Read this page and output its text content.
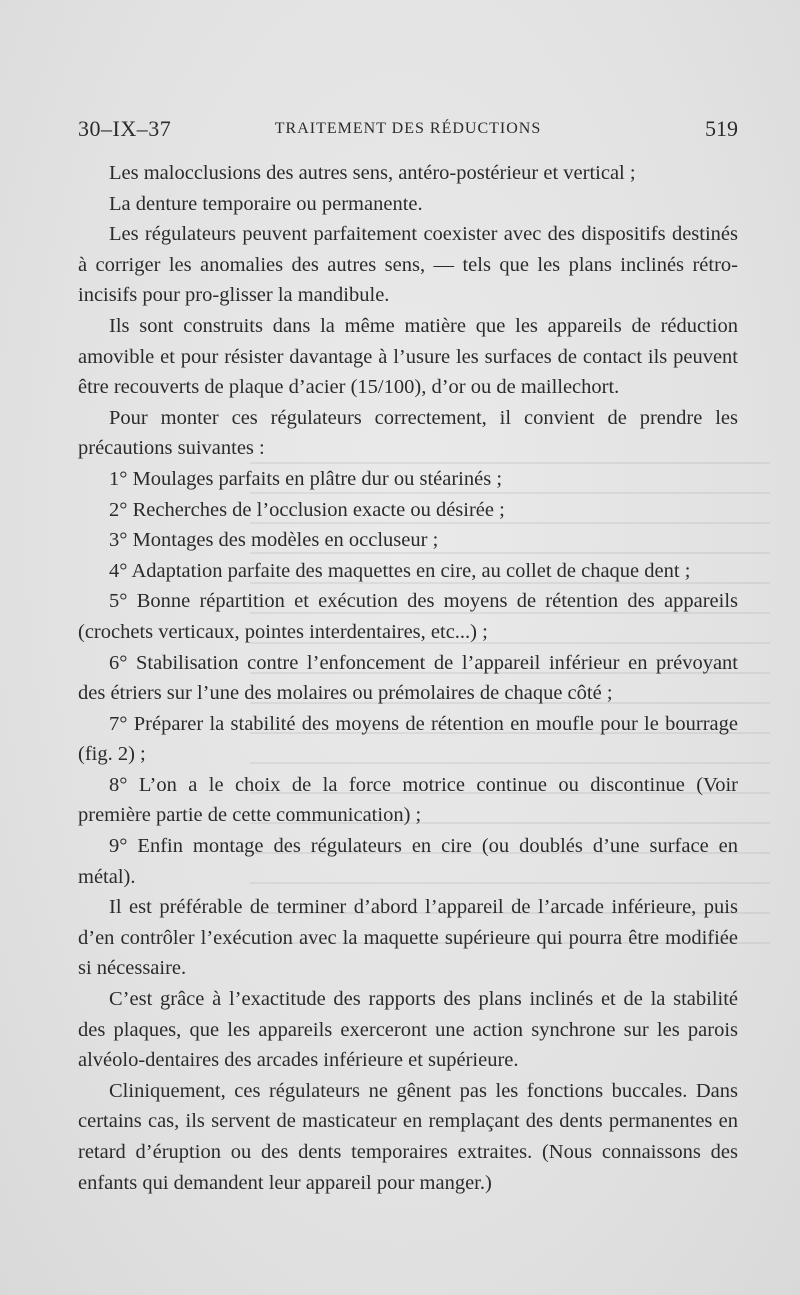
30–IX–37	TRAITEMENT DES RÉDUCTIONS	519

Les malocclusions des autres sens, antéro-postérieur et vertical ;

La denture temporaire ou permanente.

Les régulateurs peuvent parfaitement coexister avec des dispositifs destinés à corriger les anomalies des autres sens, — tels que les plans inclinés rétro-incisifs pour pro-glisser la mandibule.

Ils sont construits dans la même matière que les appareils de réduction amovible et pour résister davantage à l’usure les surfaces de contact ils peuvent être recouverts de plaque d’acier (15/100), d’or ou de maillechort.

Pour monter ces régulateurs correctement, il convient de prendre les précautions suivantes :

1° Moulages parfaits en plâtre dur ou stéarinés ;

2° Recherches de l’occlusion exacte ou désirée ;

3° Montages des modèles en occluseur ;

4° Adaptation parfaite des maquettes en cire, au collet de chaque dent ;

5° Bonne répartition et exécution des moyens de rétention des appareils (crochets verticaux, pointes interdentaires, etc...) ;

6° Stabilisation contre l’enfoncement de l’appareil inférieur en prévoyant des étriers sur l’une des molaires ou prémolaires de chaque côté ;

7° Préparer la stabilité des moyens de rétention en moufle pour le bourrage (fig. 2) ;

8° L’on a le choix de la force motrice continue ou discontinue (Voir première partie de cette communication) ;

9° Enfin montage des régulateurs en cire (ou doublés d’une surface en métal).

Il est préférable de terminer d’abord l’appareil de l’arcade inférieure, puis d’en contrôler l’exécution avec la maquette supérieure qui pourra être modifiée si nécessaire.

C’est grâce à l’exactitude des rapports des plans inclinés et de la stabilité des plaques, que les appareils exerceront une action synchrone sur les parois alvéolo-dentaires des arcades inférieure et supérieure.

Cliniquement, ces régulateurs ne gênent pas les fonctions buccales. Dans certains cas, ils servent de masticateur en remplaçant des dents permanentes en retard d’éruption ou des dents temporaires extraites. (Nous connaissons des enfants qui demandent leur appareil pour manger.)
